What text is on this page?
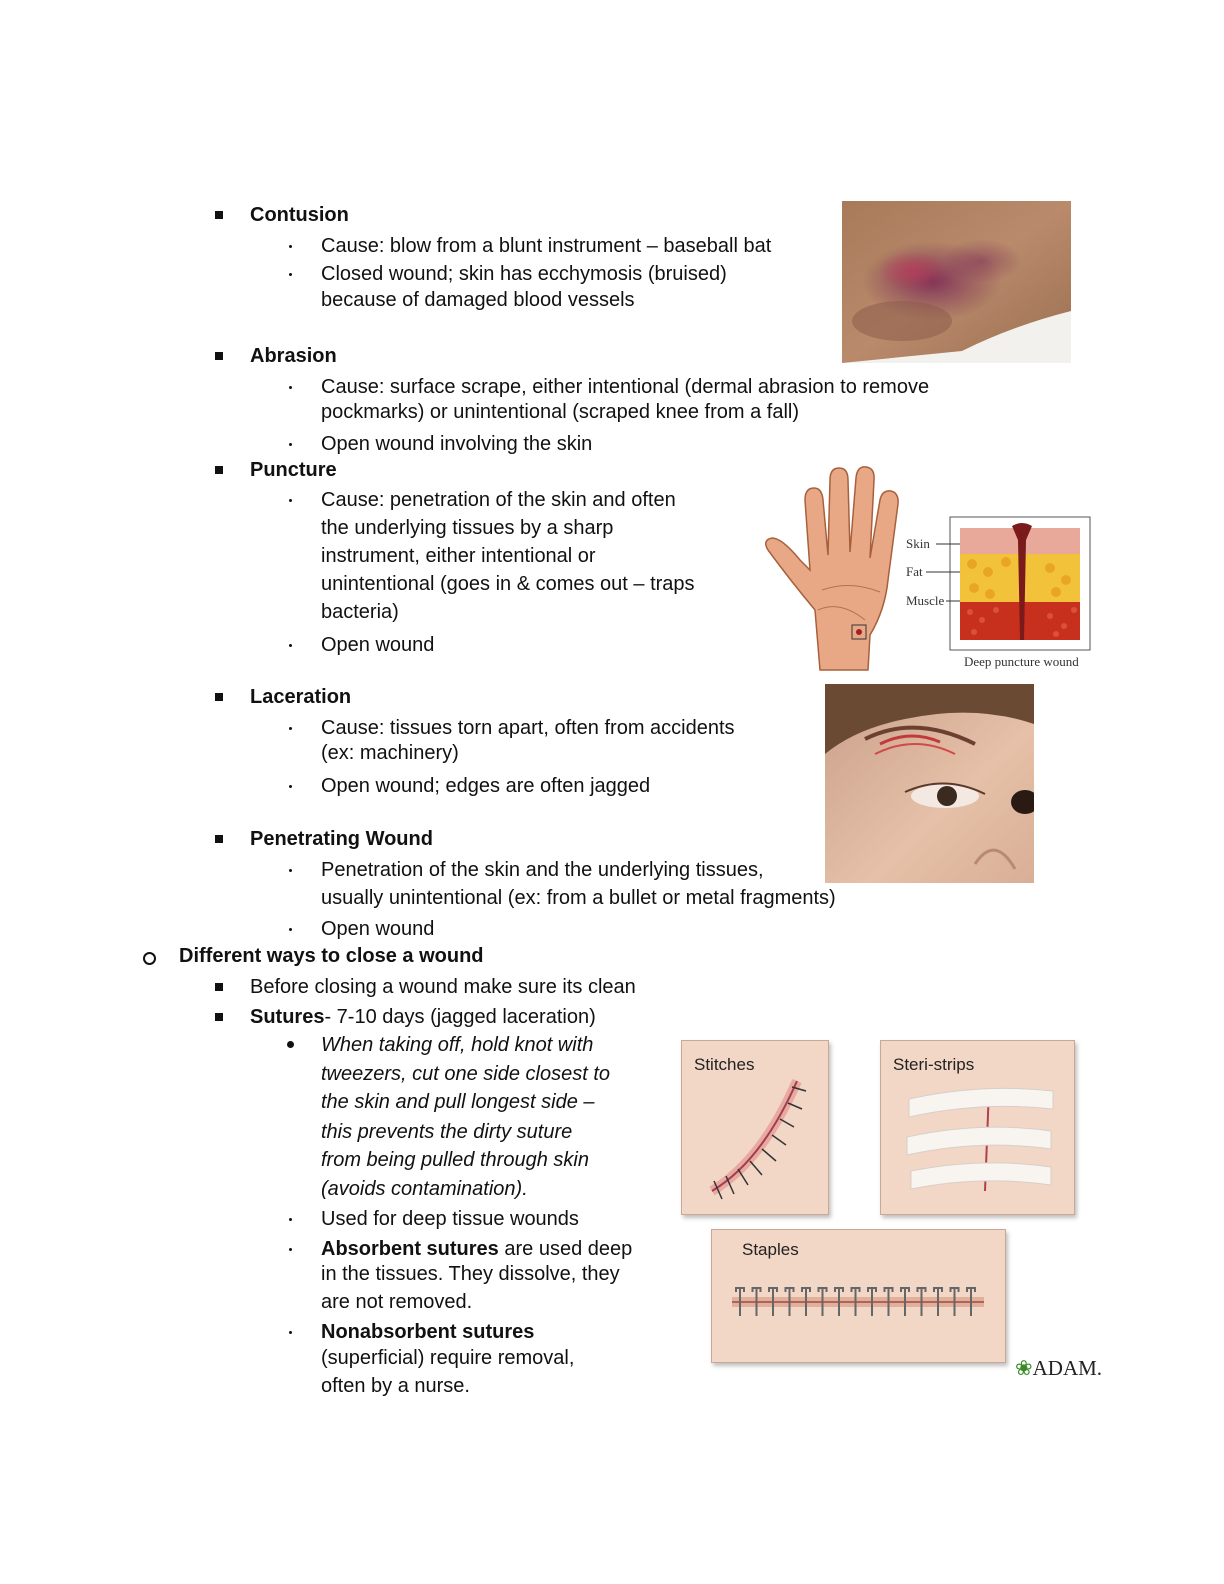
Contusion
Cause: blow from a blunt instrument – baseball bat
Closed wound; skin has ecchymosis (bruised)
because of damaged blood vessels
Abrasion
Cause: surface scrape, either intentional (dermal abrasion to remove
pockmarks) or unintentional (scraped knee from a fall)
Open wound involving the skin
Puncture
Cause: penetration of the skin and often
the underlying tissues by a sharp
instrument, either intentional or
unintentional (goes in & comes out – traps
bacteria)
Open wound
Skin
Fat
Muscle
Deep puncture wound
Laceration
Cause: tissues torn apart, often from accidents
(ex: machinery)
Open wound; edges are often jagged
Penetrating Wound
Penetration of the skin and the underlying tissues,
usually unintentional (ex: from a bullet or metal fragments)
Open wound
Different ways to close a wound
Before closing a wound make sure its clean
Sutures- 7-10 days (jagged laceration)
When taking off, hold knot with
tweezers, cut one side closest to
the skin and pull longest side –
this prevents the dirty suture
from being pulled through skin
(avoids contamination).
Used for deep tissue wounds
Absorbent sutures are used deep
in the tissues. They dissolve, they
are not removed.
Nonabsorbent sutures
(superficial) require removal,
often by a nurse.
Stitches	Steri-strips
Staples
❀ADAM.
